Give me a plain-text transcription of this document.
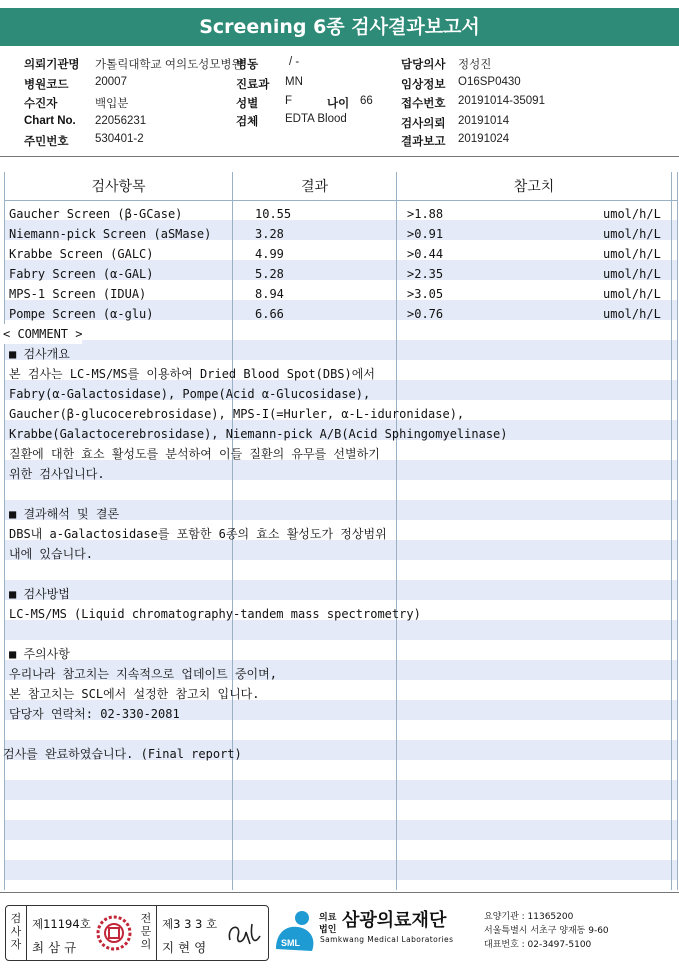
Screening 6종 검사결과보고서
의뢰기관명 가톨릭대학교 여의도성모병원
병동	/ -	담당의사 정성진
병원코드 20007	진료과 MN	임상정보 O16SP0430
수진자	백입분	성별 F	나이 66 접수번호 20191014-35091
Chart No. 22056231	검체 EDTA Blood	검사의뢰 20191014
주민번호 530401-2	결과보고 20191024
검사항목	결과	참고치
Gaucher Screen (β-GCase)	10.55	>1.88	umol/h/L
Niemann-pick Screen (aSMase)	3.28	>0.91	umol/h/L
Krabbe Screen (GALC)	4.99	>0.44	umol/h/L
Fabry Screen (α-GAL)	5.28	>2.35	umol/h/L
MPS-1 Screen (IDUA)	8.94	>3.05	umol/h/L
Pompe Screen (α-glu)	6.66	>0.76	umol/h/L
< COMMENT >
■ 검사개요
본 검사는 LC-MS/MS를 이용하여 Dried Blood Spot(DBS)에서
Fabry(α-Galactosidase), Pompe(Acid α-Glucosidase),
Gaucher(β-glucocerebrosidase), MPS-I(=Hurler, α-L-iduronidase),
Krabbe(Galactocerebrosidase), Niemann-pick A/B(Acid Sphingomyelinase)
질환에 대한 효소 활성도를 분석하여 이들 질환의 유무를 선별하기
위한 검사입니다.
■ 결과해석 및 결론
DBS내 a-Galactosidase를 포함한 6종의 효소 활성도가 정상범위
내에 있습니다.
■ 검사방법
LC-MS/MS (Liquid chromatography-tandem mass spectrometry)
■ 주의사항
우리나라 참고치는 지속적으로 업데이트 중이며,
본 참고치는 SCL에서 설정한 참고치 입니다.
담당자 연락처: 02-330-2081
검사를 완료하였습니다. (Final report)
검
사
자
제11194호
최 삼 규
전
문
의
제3 3 3 호
지 현 영	SML
의료
법인 삼광의료재단
Samkwang Medical Laboratories
요양기관 : 11365200
서울특별시 서초구 양재동 9-60
대표번호 : 02-3497-5100
